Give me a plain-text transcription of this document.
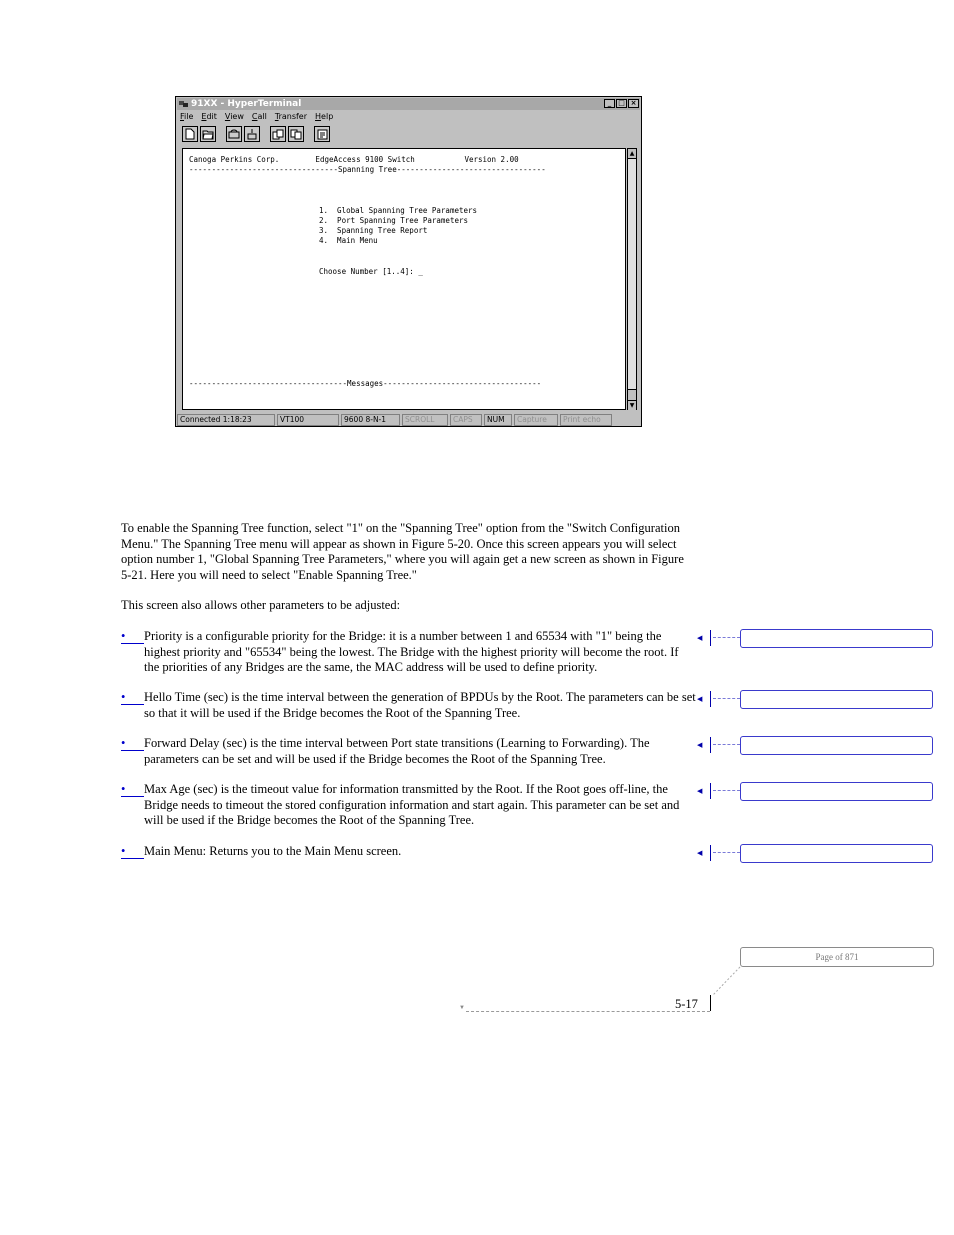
91XX - HyperTerminal	_ □ ×
File Edit View Call Transfer Help
Canoga Perkins Corp.        EdgeAccess 9100 Switch           Version 2.00
---------------------------------Spanning Tree---------------------------------
1.  Global Spanning Tree Parameters
2.  Port Spanning Tree Parameters
3.  Spanning Tree Report
4.  Main Menu
Choose Number [1..4]: _
-----------------------------------Messages-----------------------------------
▲
▼
Connected 1:18:23	VT100	9600 8-N-1	SCROLL	CAPS	NUM	Capture	Print echo
To enable the Spanning Tree function, select "1" on the "Spanning Tree" option from the "Switch Configuration Menu." The Spanning Tree menu will appear as shown in Figure 5-20. Once this screen appears you will select option number 1, "Global Spanning Tree Parameters," where you will again get a new screen as shown in Figure 5-21. Here you will need to select "Enable Spanning Tree."
This screen also allows other parameters to be adjusted:
•	Priority is a configurable priority for the Bridge: it is a number between 1 and 65534 with "1" being the highest priority and "65534" being the lowest. The Bridge with the highest priority will become the root. If the priorities of any Bridges are the same, the MAC address will be used to define priority.
•	Hello Time (sec) is the time interval between the generation of BPDUs by the Root. The parameters can be set so that it will be used if the Bridge becomes the Root of the Spanning Tree.
•	Forward Delay (sec) is the time interval between Port state transitions (Learning to Forwarding). The parameters can be set and will be used if the Bridge becomes the Root of the Spanning Tree.
•	Max Age (sec) is the timeout value for information transmitted by the Root. If the Root goes off-line, the Bridge needs to timeout the stored configuration information and start again. This parameter can be set and will be used if the Bridge becomes the Root of the Spanning Tree.
•	Main Menu: Returns you to the Main Menu screen.
◀
◀
◀
◀
◀
Page of 871
5-17
▼
